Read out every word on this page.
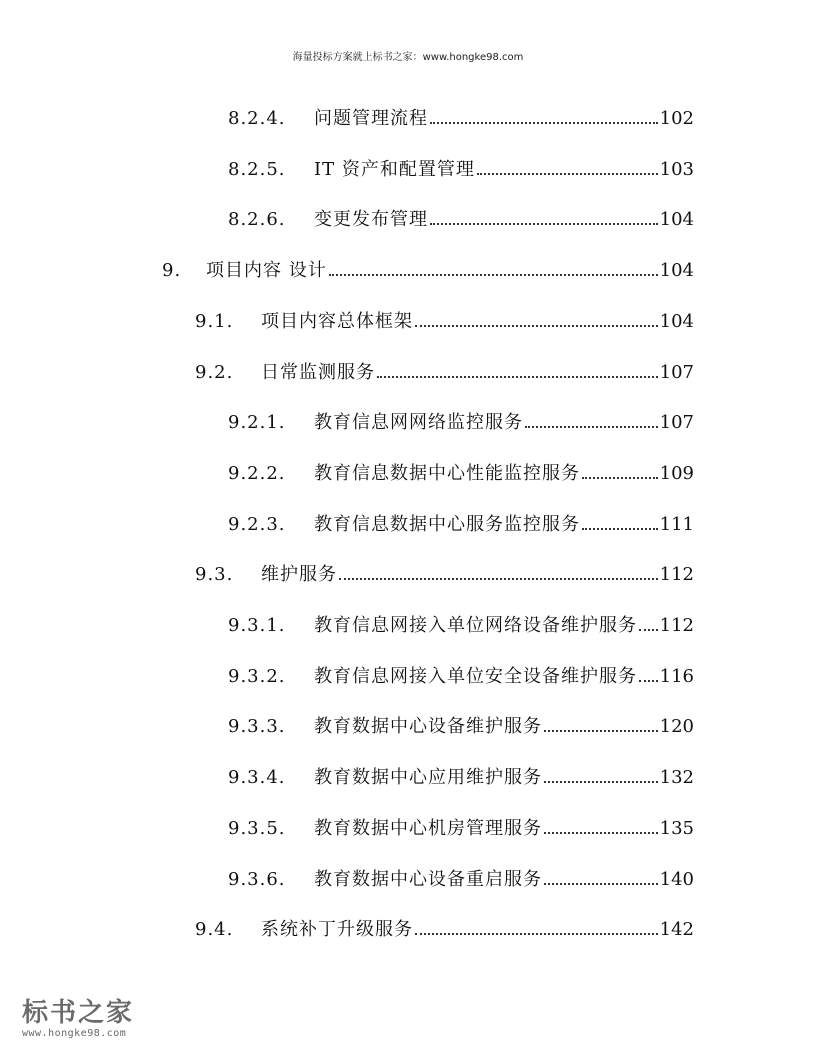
海量投标方案就上标书之家：www.hongke98.com
8.2.4.	问题管理流程	102
8.2.5.	IT 资产和配置管理	103
8.2.6.	变更发布管理	104
9.	项目内容 设计	104
9.1.	项目内容总体框架	104
9.2.	日常监测服务	107
9.2.1.	教育信息网网络监控服务	107
9.2.2.	教育信息数据中心性能监控服务	109
9.2.3.	教育信息数据中心服务监控服务	111
9.3.	维护服务	112
9.3.1.	教育信息网接入单位网络设备维护服务 112
9.3.2.	教育信息网接入单位安全设备维护服务 116
9.3.3.	教育数据中心设备维护服务	120
9.3.4.	教育数据中心应用维护服务	132
9.3.5.	教育数据中心机房管理服务	135
9.3.6.	教育数据中心设备重启服务	140
9.4.	系统补丁升级服务	142
标书之家
www.hongke98.com
